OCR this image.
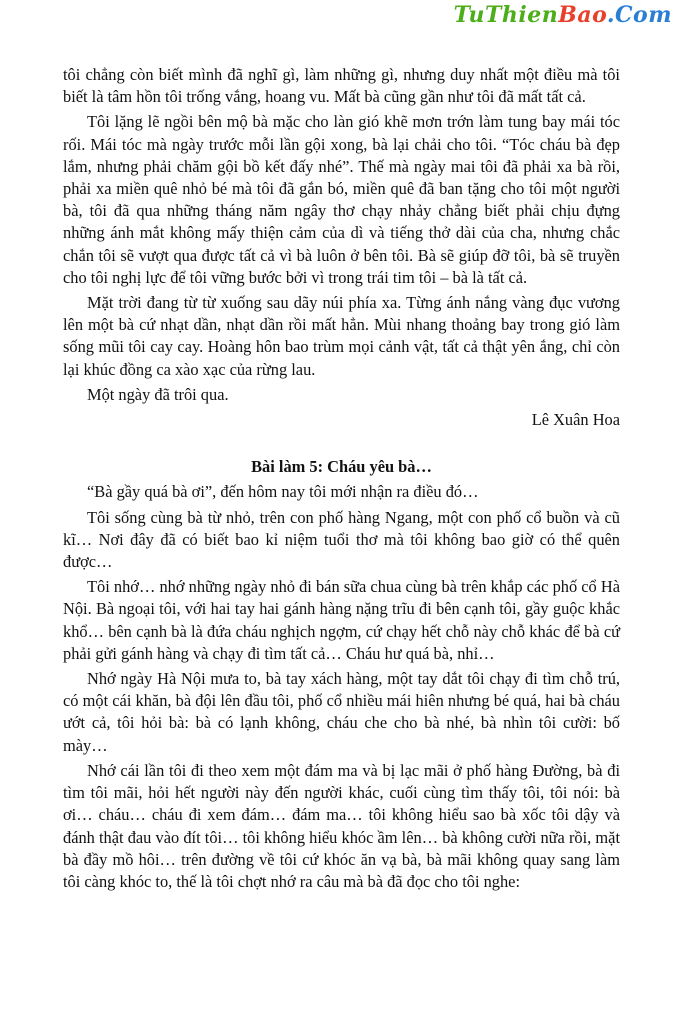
TuThienBao.Com

tôi chẳng còn biết mình đã nghĩ gì, làm những gì, nhưng duy nhất một điều mà tôi biết là tâm hồn tôi trống vắng, hoang vu. Mất bà cũng gần như tôi đã mất tất cả.

Tôi lặng lẽ ngồi bên mộ bà mặc cho làn gió khẽ mơn trớn làm tung bay mái tóc rối. Mái tóc mà ngày trước mỗi lần gội xong, bà lại chải cho tôi. “Tóc cháu bà đẹp lắm, nhưng phải chăm gội bồ kết đấy nhé”. Thế mà ngày mai tôi đã phải xa bà rồi, phải xa miền quê nhỏ bé mà tôi đã gắn bó, miền quê đã ban tặng cho tôi một người bà, tôi đã qua những tháng năm ngây thơ chạy nhảy chẳng biết phải chịu đựng những ánh mắt không mấy thiện cảm của dì và tiếng thở dài của cha, nhưng chắc chắn tôi sẽ vượt qua được tất cả vì bà luôn ở bên tôi. Bà sẽ giúp đỡ tôi, bà sẽ truyền cho tôi nghị lực để tôi vững bước bởi vì trong trái tim tôi – bà là tất cả.

Mặt trời đang từ từ xuống sau dãy núi phía xa. Từng ánh nắng vàng đục vương lên một bà cứ nhạt dần, nhạt dần rồi mất hẳn. Mùi nhang thoảng bay trong gió làm sống mũi tôi cay cay. Hoàng hôn bao trùm mọi cảnh vật, tất cả thật yên ắng, chỉ còn lại khúc đồng ca xào xạc của rừng lau.

Một ngày đã trôi qua.

Lê Xuân Hoa

Bài làm 5: Cháu yêu bà…

“Bà gầy quá bà ơi”, đến hôm nay tôi mới nhận ra điều đó…

Tôi sống cùng bà từ nhỏ, trên con phố hàng Ngang, một con phố cổ buồn và cũ kĩ… Nơi đây đã có biết bao kỉ niệm tuổi thơ mà tôi không bao giờ có thể quên được…

Tôi nhớ… nhớ những ngày nhỏ đi bán sữa chua cùng bà trên khắp các phố cổ Hà Nội. Bà ngoại tôi, với hai tay hai gánh hàng nặng trĩu đi bên cạnh tôi, gầy guộc khắc khổ… bên cạnh bà là đứa cháu nghịch ngợm, cứ chạy hết chỗ này chỗ khác để bà cứ phải gửi gánh hàng và chạy đi tìm tất cả… Cháu hư quá bà, nhỉ…

Nhớ ngày Hà Nội mưa to, bà tay xách hàng, một tay dắt tôi chạy đi tìm chỗ trú, có một cái khăn, bà đội lên đầu tôi, phố cổ nhiều mái hiên nhưng bé quá, hai bà cháu ướt cả, tôi hỏi bà: bà có lạnh không, cháu che cho bà nhé, bà nhìn tôi cười: bố mày…

Nhớ cái lần tôi đi theo xem một đám ma và bị lạc mãi ở phố hàng Đường, bà đi tìm tôi mãi, hỏi hết người này đến người khác, cuối cùng tìm thấy tôi, tôi nói: bà ơi… cháu… cháu đi xem đám… đám ma… tôi không hiểu sao bà xốc tôi dậy và đánh thật đau vào đít tôi… tôi không hiểu khóc ầm lên… bà không cười nữa rồi, mặt bà đầy mồ hôi… trên đường về tôi cứ khóc ăn vạ bà, bà mãi không quay sang làm tôi càng khóc to, thế là tôi chợt nhớ ra câu mà bà đã đọc cho tôi nghe:
